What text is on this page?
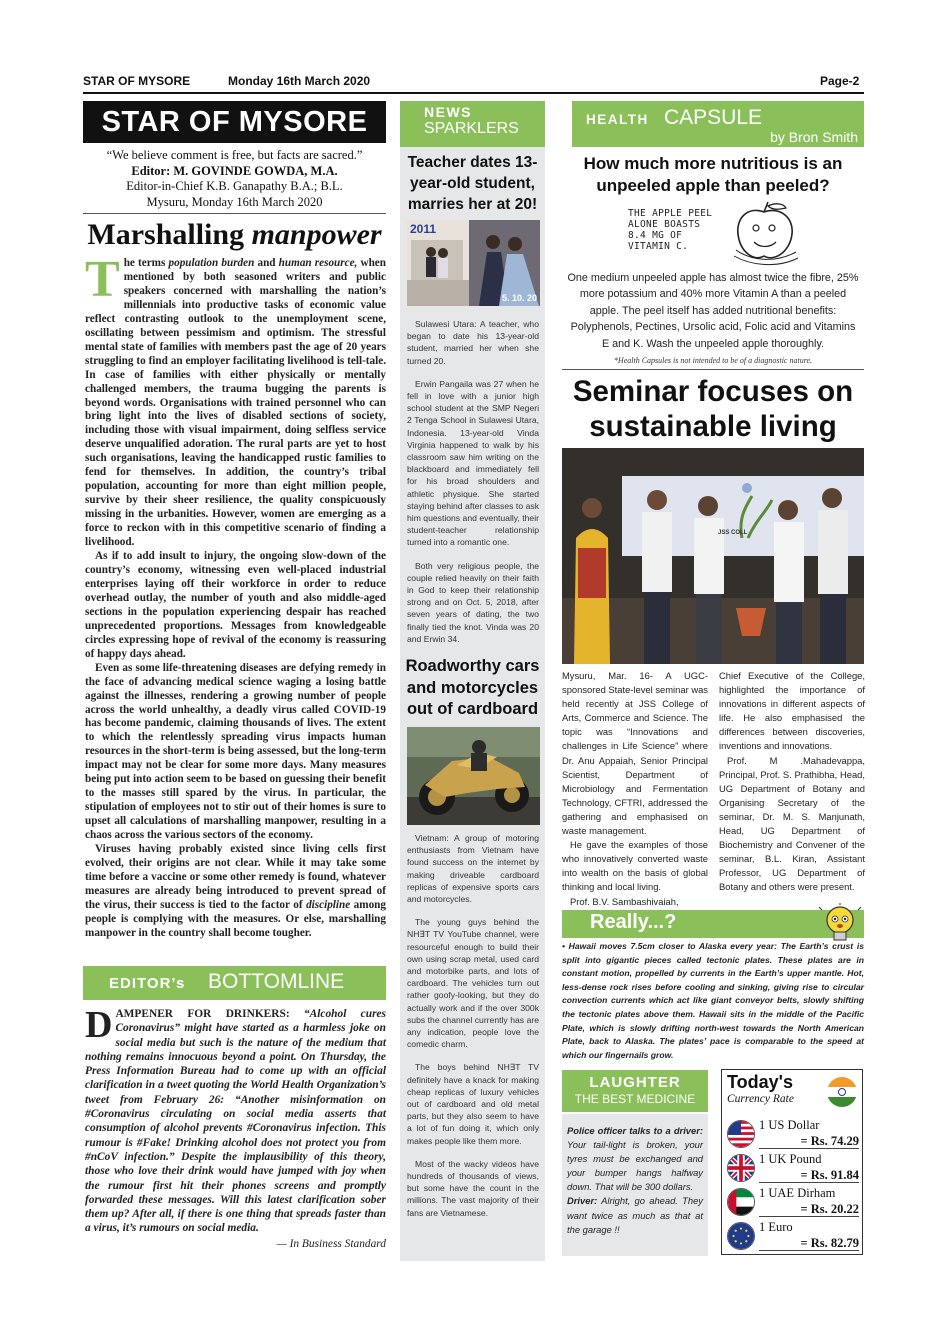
STAR OF MYSORE	Monday 16th March 2020	Page-2
STAR OF MYSORE
“We believe comment is free, but facts are sacred.”
Editor: M. GOVINDE GOWDA, M.A.
Editor-in-Chief K.B. Ganapathy B.A.; B.L.
Mysuru, Monday 16th March 2020
Marshalling manpower

The terms population burden and human resource, when mentioned by both seasoned writers and public speakers concerned with marshalling the nation’s millennials into productive tasks of economic value reflect contrasting outlook to the unemployment scene, oscillating between pessimism and optimism. The stressful mental state of families with members past the age of 20 years struggling to find an employer facilitating livelihood is tell-tale. In case of families with either physically or mentally challenged members, the trauma bugging the parents is beyond words. Organisations with trained personnel who can bring light into the lives of disabled sections of society, including those with visual impairment, doing selfless service deserve unqualified adoration. The rural parts are yet to host such organisations, leaving the handicapped rustic families to fend for themselves. In addition, the country’s tribal population, accounting for more than eight million people, survive by their sheer resilience, the quality conspicuously missing in the urbanities. However, women are emerging as a force to reckon with in this competitive scenario of finding a livelihood.

As if to add insult to injury, the ongoing slow-down of the country’s economy, witnessing even well-placed industrial enterprises laying off their workforce in order to reduce overhead outlay, the number of youth and also middle-aged sections in the population experiencing despair has reached unprecedented proportions. Messages from knowledgeable circles expressing hope of revival of the economy is reassuring of happy days ahead.

Even as some life-threatening diseases are defying remedy in the face of advancing medical science waging a losing battle against the illnesses, rendering a growing number of people across the world unhealthy, a deadly virus called COVID-19 has become pandemic, claiming thousands of lives. The extent to which the relentlessly spreading virus impacts human resources in the short-term is being assessed, but the long-term impact may not be clear for some more days. Many measures being put into action seem to be based on guessing their benefit to the masses still spared by the virus. In particular, the stipulation of employees not to stir out of their homes is sure to upset all calculations of marshalling manpower, resulting in a chaos across the various sectors of the economy.

Viruses having probably existed since living cells first evolved, their origins are not clear. While it may take some time before a vaccine or some other remedy is found, whatever measures are already being introduced to prevent spread of the virus, their success is tied to the factor of discipline among people is complying with the measures. Or else, marshalling manpower in the country shall become tougher.

EDITOR’s BOTTOMLINE
DAMPENER FOR DRINKERS: “Alcohol cures Coronavirus” might have started as a harmless joke on social media but such is the nature of the medium that nothing remains innocuous beyond a point. On Thursday, the Press Information Bureau had to come up with an official clarification in a tweet quoting the World Health Organization’s tweet from February 26: “Another misinformation on #Coronavirus circulating on social media asserts that consumption of alcohol prevents #Coronavirus infection. This rumour is #Fake! Drinking alcohol does not protect you from #nCoV infection.” Despite the implausibility of this theory, those who love their drink would have jumped with joy when the rumour first hit their phones screens and promptly forwarded these messages. Will this latest clarification sober them up? After all, if there is one thing that spreads faster than a virus, it’s rumours on social media.
— In Business Standard
NEWS
SPARKLERS
Teacher dates 13-year-old student, marries her at 20!
2011
5. 10. 20

Sulawesi Utara: A teacher, who began to date his 13-year-old student, married her when she turned 20.

Erwin Pangaila was 27 when he fell in love with a junior high school student at the SMP Negeri 2 Tenga School in Sulawesi Utara, Indonesia. 13-year-old Vinda Virginia happened to walk by his classroom saw him writing on the blackboard and immediately fell for his broad shoulders and athletic physique. She started staying behind after classes to ask him questions and eventually, their student-teacher relationship turned into a romantic one.

Both very religious people, the couple relied heavily on their faith in God to keep their relationship strong and on Oct. 5, 2018, after seven years of dating, the two finally tied the knot. Vinda was 20 and Erwin 34.

Roadworthy cars and motorcycles out of cardboard

Vietnam: A group of motoring enthusiasts from Vietnam have found success on the internet by making driveable cardboard replicas of expensive sports cars and motorcycles.

The young guys behind the NH∃T TV YouTube channel, were resourceful enough to build their own using scrap metal, used card and motorbike parts, and lots of cardboard. The vehicles turn out rather goofy-looking, but they do actually work and if the over 300k subs the channel currently has are any indication, people love the comedic charm.

The boys behind NH∃T TV definitely have a knack for making cheap replicas of luxury vehicles out of cardboard and old metal parts, but they also seem to have a lot of fun doing it, which only makes people like them more.

Most of the wacky videos have hundreds of thousands of views, but some have the count in the millions. The vast majority of their fans are Vietnamese.

HEALTH CAPSULE
by Bron Smith
How much more nutritious is an unpeeled apple than peeled?
THE APPLE PEEL
ALONE BOASTS
8.4 MG OF
VITAMIN C.
One medium unpeeled apple has almost twice the fibre, 25% more potassium and 40% more Vitamin A than a peeled apple. The peel itself has added nutritional benefits: Polyphenols, Pectines, Ursolic acid, Folic acid and Vitamins E and K. Wash the unpeeled apple thoroughly.
*Health Capsules is not intended to be of a diagnostic nature.
Seminar focuses on sustainable living
JSS COLL

Mysuru, Mar. 16- A UGC-sponsored State-level seminar was held recently at JSS College of Arts, Commerce and Science. The topic was “Innovations and challenges in Life Science” where Dr. Anu Appaiah, Senior Principal Scientist, Department of Microbiology and Fermentation Technology, CFTRI, addressed the gathering and emphasised on waste management.

He gave the examples of those who innovatively converted waste into wealth on the basis of global thinking and local living.

Prof. B.V. Sambashivaiah,

Chief Executive of the College, highlighted the importance of innovations in different aspects of life. He also emphasised the differences between discoveries, inventions and innovations.

Prof. M .Mahadevappa, Principal, Prof. S. Prathibha, Head, UG Department of Botany and Organising Secretary of the seminar, Dr. M. S. Manjunath, Head, UG Department of Biochemistry and Convener of the seminar, B.L. Kiran, Assistant Professor, UG Department of Botany and others were present.

Really...?
• Hawaii moves 7.5cm closer to Alaska every year: The Earth’s crust is split into gigantic pieces called tectonic plates. These plates are in constant motion, propelled by currents in the Earth’s upper mantle. Hot, less-dense rock rises before cooling and sinking, giving rise to circular convection currents which act like giant conveyor belts, slowly shifting the tectonic plates above them. Hawaii sits in the middle of the Pacific Plate, which is slowly drifting north-west towards the North American Plate, back to Alaska. The plates’ pace is comparable to the speed at which our fingernails grow.
LAUGHTER
THE BEST MEDICINE
Police officer talks to a driver: Your tail-light is broken, your tyres must be exchanged and your bumper hangs halfway down. That will be 300 dollars.
Driver: Alright, go ahead. They want twice as much as that at the garage !!
Today's
Currency Rate
1 US Dollar
= Rs. 74.29
1 UK Pound
= Rs. 91.84
1 UAE Dirham
= Rs. 20.22
1 Euro
= Rs. 82.79
